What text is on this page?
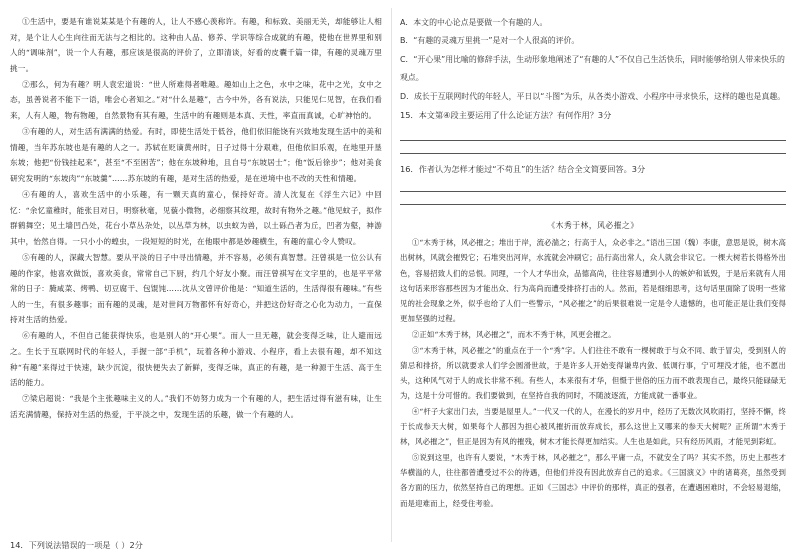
①生活中，要是有谁说某某是个有趣的人，让人不感心羡称许。有趣，和标致、美丽无关，却能够让人相对，是个让人心生向往而无法与之相比的。这种由人品、修养、学识等综合成就的有趣，使他在世界里和别人的“调味剂”，说一个人有趣，那应该是很高的评价了，立即清谈，好看的皮囊千篇一律，有趣的灵魂万里挑一。

②那么，何为有趣？明人袁宏道说：“世人所难得者唯趣。趣如山上之色，水中之味，花中之光，女中之态，虽善说者不能下一语，唯会心者知之。”对“什么是趣”，古今中外，各有说法，只能见仁见智，在我们看来，人有人趣，物有物趣，自然景物有其有趣，生活中的有趣则是本真、天性，率直而真诚，心旷神怡的。

③有趣的人，对生活有满满的热爱。有时，即使生活处于低谷，他们依旧能饶有兴致地发现生活中的美和情趣，当年苏东坡也是有趣的人之一。苏轼在贬谪黄州时，日子过得十分艰难，但他依旧乐观，在地里开垦东坡；他把“份钱挂起来”，甚至“不至困苦”；他在东坡种地，且自号“东坡居士”；他“饭后徐步”；他对美食研究发明的“东坡肉”“东坡羹”……苏东坡的有趣，是对生活的热爱，是在逆境中也不改的天性和情趣。

④有趣的人，喜欢生活中的小乐趣，有一颗天真的童心，保持好奇。清人沈复在《浮生六记》中回忆：“余忆童稚时，能张目对日，明察秋毫，见藐小微物，必细察其纹理，故时有物外之趣。”他见蚊子，拟作群鹤舞空；见土墙凹凸处，花台小草丛杂处，以丛草为林，以虫蚁为兽，以土砾凸者为丘，凹者为壑，神游其中，怡然自得。一只小小的蝗虫，一段短短的时光，在他眼中都是妙趣横生，有趣的童心令人赞叹。

⑤有趣的人，深藏大智慧。要从平淡的日子中寻出情趣，并不容易，必须有真智慧。汪曾祺是一位公认有趣的作家，他喜欢做饭，喜欢美食，常常自己下厨，约几个好友小聚。而汪曾祺写在文字里的，也是平平常常的日子：腌咸菜、烤鸭、切豆腐干、包馄饨……沈从文曾评价他是：“知道生活的，生活得很有趣味。”有些人的一生，有很多趣事；而有趣的灵魂，是对世间万物都怀有好奇心，并把这份好奇之心化为动力，一直保持对生活的热爱。

⑥有趣的人，不但自己能获得快乐，也是别人的“开心果”。而人一旦无趣，就会变得乏味，让人避而远之。生长于互联网时代的年轻人，手握一部“手机”，玩着各种小游戏、小程序，看上去很有趣，却不知这种“有趣”来得过于快速，缺少沉淀，很快便失去了新鲜，变得乏味，真正的有趣，是一种源于生活、高于生活的能力。

⑦梁启超说：“我是个主张趣味主义的人。”我们不妨努力成为一个有趣的人，把生活过得有滋有味，让生活充满情趣，保持对生活的热爱，于平淡之中，发现生活的乐趣，做一个有趣的人。

14．下列说法错误的一项是（ ）2分

A．本文的中心论点是要做一个有趣的人。

B．“有趣的灵魂万里挑一”是对一个人很高的评价。

C．“开心果”用比喻的修辞手法，生动形象地阐述了“有趣的人”不仅自己生活快乐，同时能够给别人带来快乐的观点。

D．成长于互联网时代的年轻人，平日以“斗图”为乐，从各类小游戏、小程序中寻求快乐，这样的趣也是真趣。

15．本文第④段主要运用了什么论证方法？有何作用？3分

16．作者认为怎样才能过“不苟且”的生活？结合全文简要回答。3分

《木秀于林，风必摧之》

①“木秀于林，风必摧之；堆出于岸，流必湍之；行高于人，众必非之。”语出三国（魏）李康，意思是说，树木高出树林，风就会摧毁它；石堆突出河岸，水流就会冲刷它；品行高出常人，众人就会非议它。一棵大树若长得格外出色，容易招致人们的忌恨。同理，一个人才华出众，品德高尚，往往容易遭到小人的嫉妒和诋毁，于是后来就有人用这句话来形容那些因为才能出众、行为高尚而遭受排挤打击的人。然而，若是细细思考，这句话里面除了说明一些常见的社会现象之外，似乎也给了人们一些警示，“风必摧之”的后果很难说一定是令人遗憾的，也可能正是让我们变得更加坚强的过程。

②正如“木秀于林，风必摧之”，而木不秀于林，风更会摧之。

③“木秀于林，风必摧之”的重点在于一个“秀”字。人们往往不敢有一棵树敢于与众不同、敢于冒尖，受到别人的猜忌和排挤，所以就要求人们学会圆滑世故，于是许多人开始变得谦卑内敛、低调行事，宁可埋没才能，也不愿出头，这种风气对于人的成长非常不利。有些人，本来很有才华，但慑于世俗的压力而不敢表现自己，最终只能碌碌无为，这是十分可惜的。我们要做到，在坚持自我的同时，不随波逐流，方能成就一番事业。

④“杆子大家出门去，当要是屋里人。”一代又一代的人，在漫长的岁月中，经历了无数次风吹雨打，坚持不懈，终于长成参天大树，如果每个人都因为担心被风摧折而放弃成长，那么这世上又哪来的参天大树呢？正所谓“木秀于林，风必摧之”，但正是因为有风的摧残，树木才能长得更加结实。人生也是如此，只有经历风雨，才能见到彩虹。

⑤说到这里，也许有人要说，“木秀于林，风必摧之”，那么平庸一点，不就安全了吗？其实不然，历史上那些才华横溢的人，往往都曾遭受过不公的待遇，但他们并没有因此放弃自己的追求。《三国演义》中的诸葛亮，虽然受到各方面的压力，依然坚持自己的理想。正如《三国志》中评价的那样，真正的强者，在遭遇困难时，不会轻易退缩，而是迎难而上，经受住考验。
